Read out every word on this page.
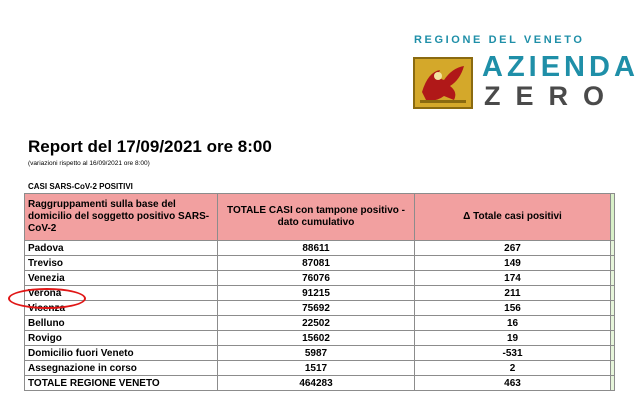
REGIONE DEL VENETO
AZIENDA
ZERO
Report del 17/09/2021 ore 8:00
(variazioni rispetto al 16/09/2021 ore 8:00)
CASI SARS-CoV-2 POSITIVI
Raggruppamenti sulla base del domicilio del soggetto positivo SARS-CoV-2	TOTALE CASI con tampone positivo - dato cumulativo	Δ Totale casi positivi	
Padova	88611	267	
Treviso	87081	149	
Venezia	76076	174	
Verona	91215	211	
Vicenza	75692	156	
Belluno	22502	16	
Rovigo	15602	19	
Domicilio fuori Veneto	5987	-531	
Assegnazione in corso	1517	2	
TOTALE REGIONE VENETO	464283	463	
